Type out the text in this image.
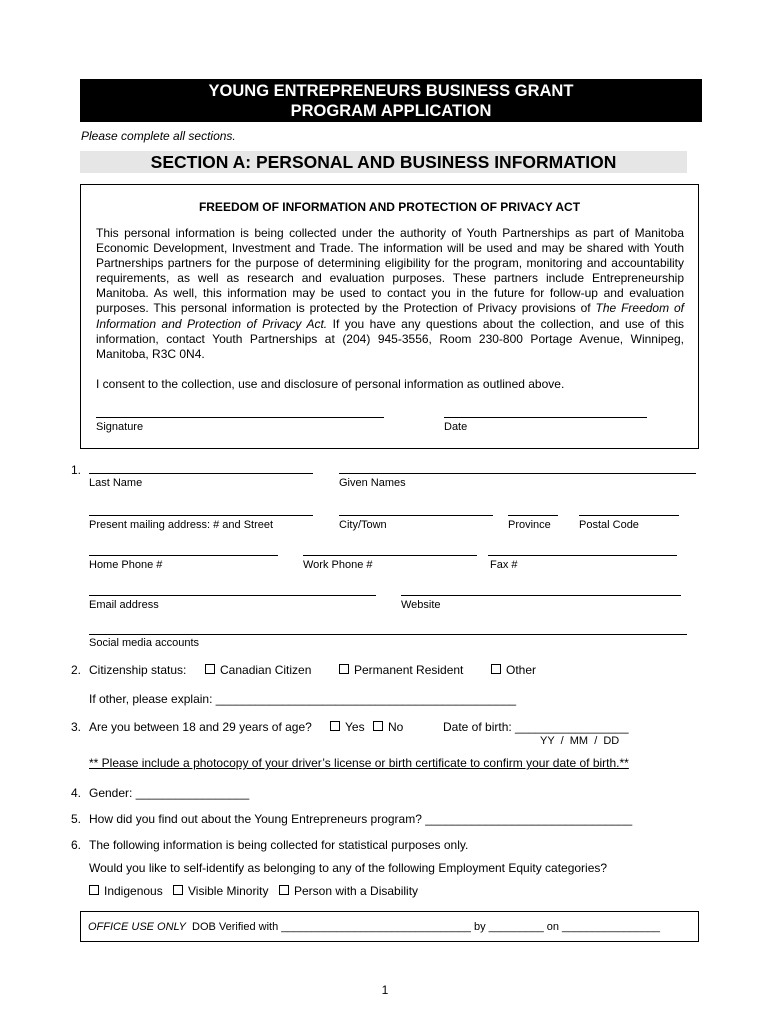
YOUNG ENTREPRENEURS BUSINESS GRANT
PROGRAM APPLICATION
Please complete all sections.
SECTION A: PERSONAL AND BUSINESS INFORMATION
FREEDOM OF INFORMATION AND PROTECTION OF PRIVACY ACT
This personal information is being collected under the authority of Youth Partnerships as part of Manitoba Economic Development, Investment and Trade. The information will be used and may be shared with Youth Partnerships partners for the purpose of determining eligibility for the program, monitoring and accountability requirements, as well as research and evaluation purposes. These partners include Entrepreneurship Manitoba. As well, this information may be used to contact you in the future for follow-up and evaluation purposes. This personal information is protected by the Protection of Privacy provisions of The Freedom of Information and Protection of Privacy Act. If you have any questions about the collection, and use of this information, contact Youth Partnerships at (204) 945-3556, Room 230-800 Portage Avenue, Winnipeg, Manitoba, R3C 0N4.
I consent to the collection, use and disclosure of personal information as outlined above.
Signature	Date
1.
Last Name	Given Names
Present mailing address: # and Street	City/Town	Province	Postal Code
Home Phone #	Work Phone #	Fax #
Email address	Website
Social media accounts
2. Citizenship status:	Canadian Citizen	Permanent Resident	Other
If other, please explain: _____________________________________________
3. Are you between 18 and 29 years of age?	Yes	No	Date of birth: _________________
YY  /  MM  /  DD
** Please include a photocopy of your driver’s license or birth certificate to confirm your date of birth.**
4. Gender: _________________
5. How did you find out about the Young Entrepreneurs program? _______________________________
6. The following information is being collected for statistical purposes only.
Would you like to self-identify as belonging to any of the following Employment Equity categories?
Indigenous	Visible Minority	Person with a Disability
OFFICE USE ONLY DOB Verified with _______________________________ by _________ on ________________
1
